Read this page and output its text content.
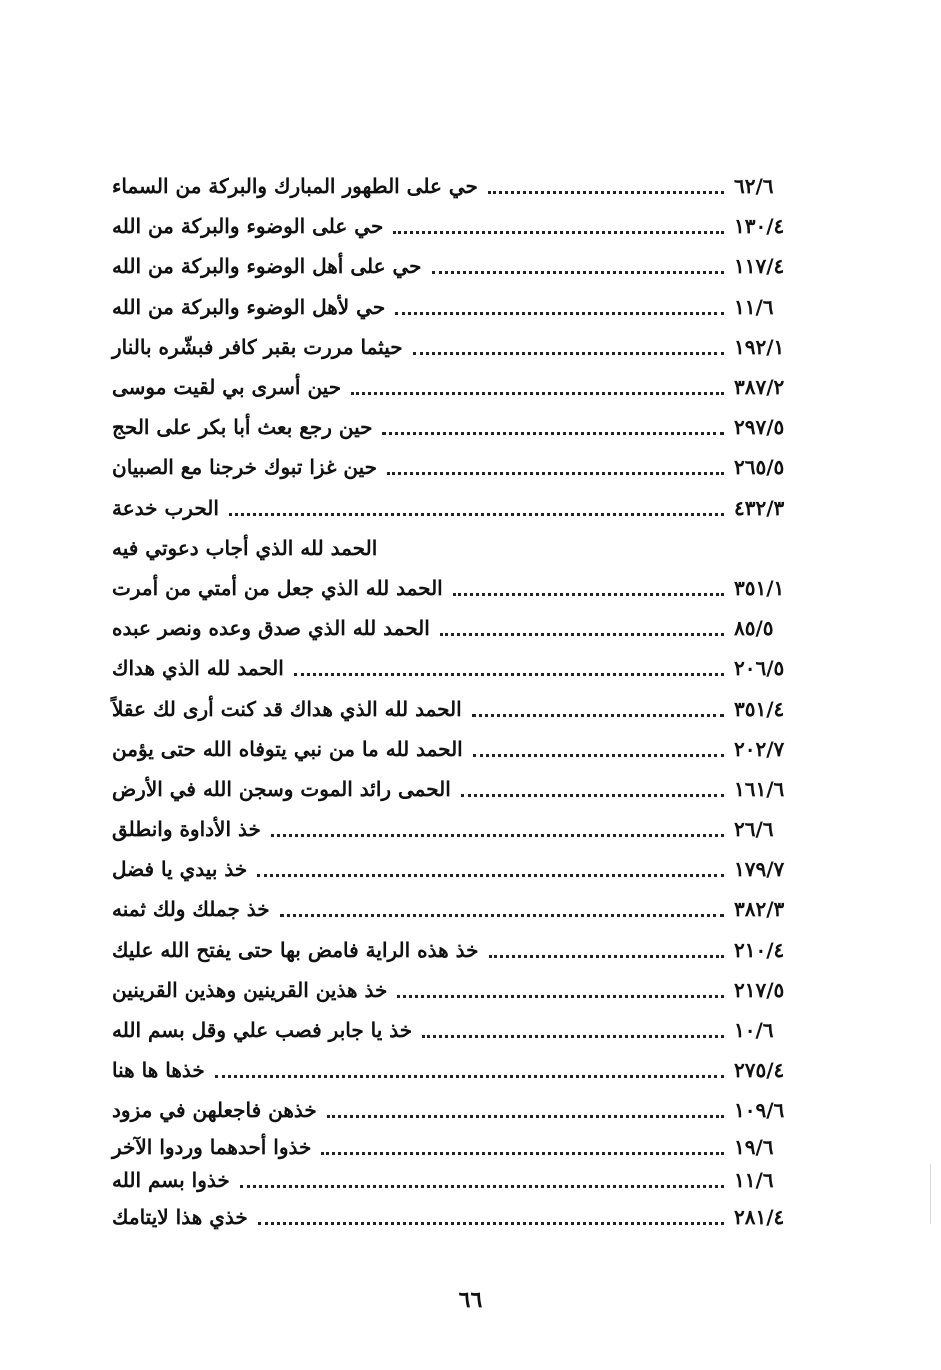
حي على الطهور المبارك والبركة من السماء	٦٢/٦
حي على الوضوء والبركة من الله	١٣٠/٤
حي على أهل الوضوء والبركة من الله	١١٧/٤
حي لأهل الوضوء والبركة من الله	١١/٦
حيثما مررت بقبر كافر فبشّره بالنار	١٩٢/١
حين أسرى بي لقيت موسى	٣٨٧/٢
حين رجع بعث أبا بكر على الحج	٢٩٧/٥
حين غزا تبوك خرجنا مع الصبيان	٢٦٥/٥
الحرب خدعة	٤٣٢/٣
الحمد لله الذي أجاب دعوتي فيه
الحمد لله الذي جعل من أمتي من أمرت	٣٥١/١
الحمد لله الذي صدق وعده ونصر عبده	٨٥/٥
الحمد لله الذي هداك	٢٠٦/٥
الحمد لله الذي هداك قد كنت أرى لك عقلاً	٣٥١/٤
الحمد لله ما من نبي يتوفاه الله حتى يؤمن	٢٠٢/٧
الحمى رائد الموت وسجن الله في الأرض	١٦١/٦
خذ الأداوة وانطلق	٢٦/٦
خذ بيدي يا فضل	١٧٩/٧
خذ جملك ولك ثمنه	٣٨٢/٣
خذ هذه الراية فامض بها حتى يفتح الله عليك	٢١٠/٤
خذ هذين القرينين وهذين القرينين	٢١٧/٥
خذ يا جابر فصب علي وقل بسم الله	١٠/٦
خذها ها هنا	٢٧٥/٤
خذهن فاجعلهن في مزود	١٠٩/٦
خذوا أحدهما وردوا الآخر	١٩/٦
خذوا بسم الله	١١/٦
خذي هذا لايتامك	٢٨١/٤
٦٦
